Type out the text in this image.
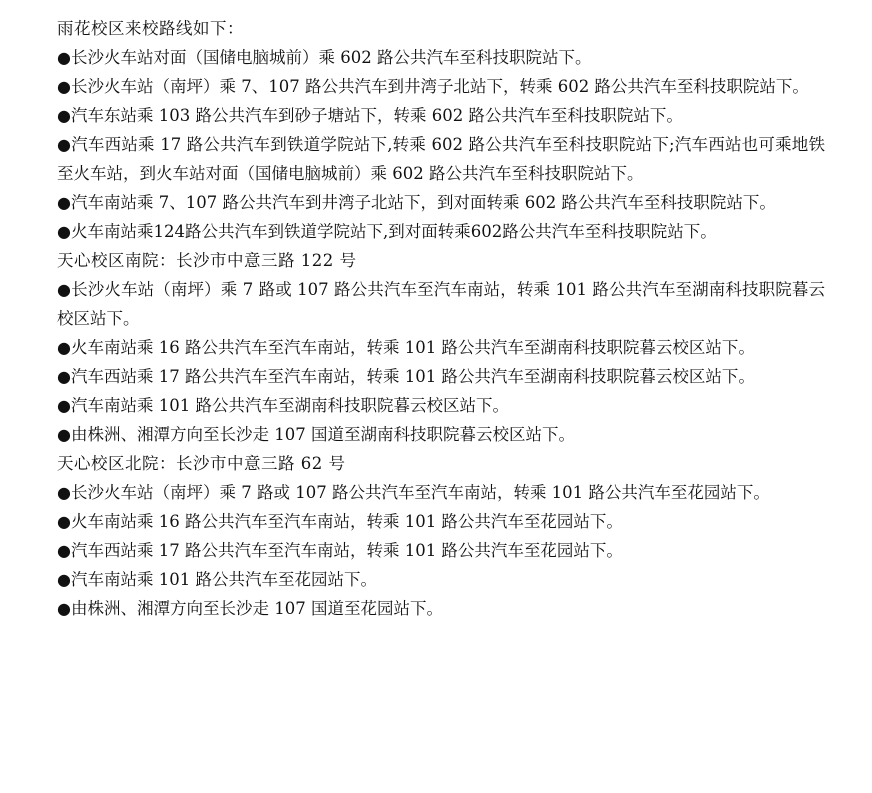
雨花校区来校路线如下：

●长沙火车站对面（国储电脑城前）乘 602 路公共汽车至科技职院站下。

●长沙火车站（南坪）乘 7、107 路公共汽车到井湾子北站下，转乘 602 路公共汽车至科技职院站下。

●汽车东站乘 103 路公共汽车到砂子塘站下，转乘 602 路公共汽车至科技职院站下。

●汽车西站乘 17 路公共汽车到铁道学院站下,转乘 602 路公共汽车至科技职院站下;汽车西站也可乘地铁至火车站，到火车站对面（国储电脑城前）乘 602 路公共汽车至科技职院站下。

●汽车南站乘 7、107 路公共汽车到井湾子北站下，到对面转乘 602 路公共汽车至科技职院站下。

●火车南站乘124路公共汽车到铁道学院站下,到对面转乘602路公共汽车至科技职院站下。

天心校区南院：长沙市中意三路 122 号

●长沙火车站（南坪）乘 7 路或 107 路公共汽车至汽车南站，转乘 101 路公共汽车至湖南科技职院暮云校区站下。

●火车南站乘 16 路公共汽车至汽车南站，转乘 101 路公共汽车至湖南科技职院暮云校区站下。

●汽车西站乘 17 路公共汽车至汽车南站，转乘 101 路公共汽车至湖南科技职院暮云校区站下。

●汽车南站乘 101 路公共汽车至湖南科技职院暮云校区站下。

●由株洲、湘潭方向至长沙走 107 国道至湖南科技职院暮云校区站下。

天心校区北院：长沙市中意三路 62 号

●长沙火车站（南坪）乘 7 路或 107 路公共汽车至汽车南站，转乘 101 路公共汽车至花园站下。

●火车南站乘 16 路公共汽车至汽车南站，转乘 101 路公共汽车至花园站下。

●汽车西站乘 17 路公共汽车至汽车南站，转乘 101 路公共汽车至花园站下。

●汽车南站乘 101 路公共汽车至花园站下。

●由株洲、湘潭方向至长沙走 107 国道至花园站下。
